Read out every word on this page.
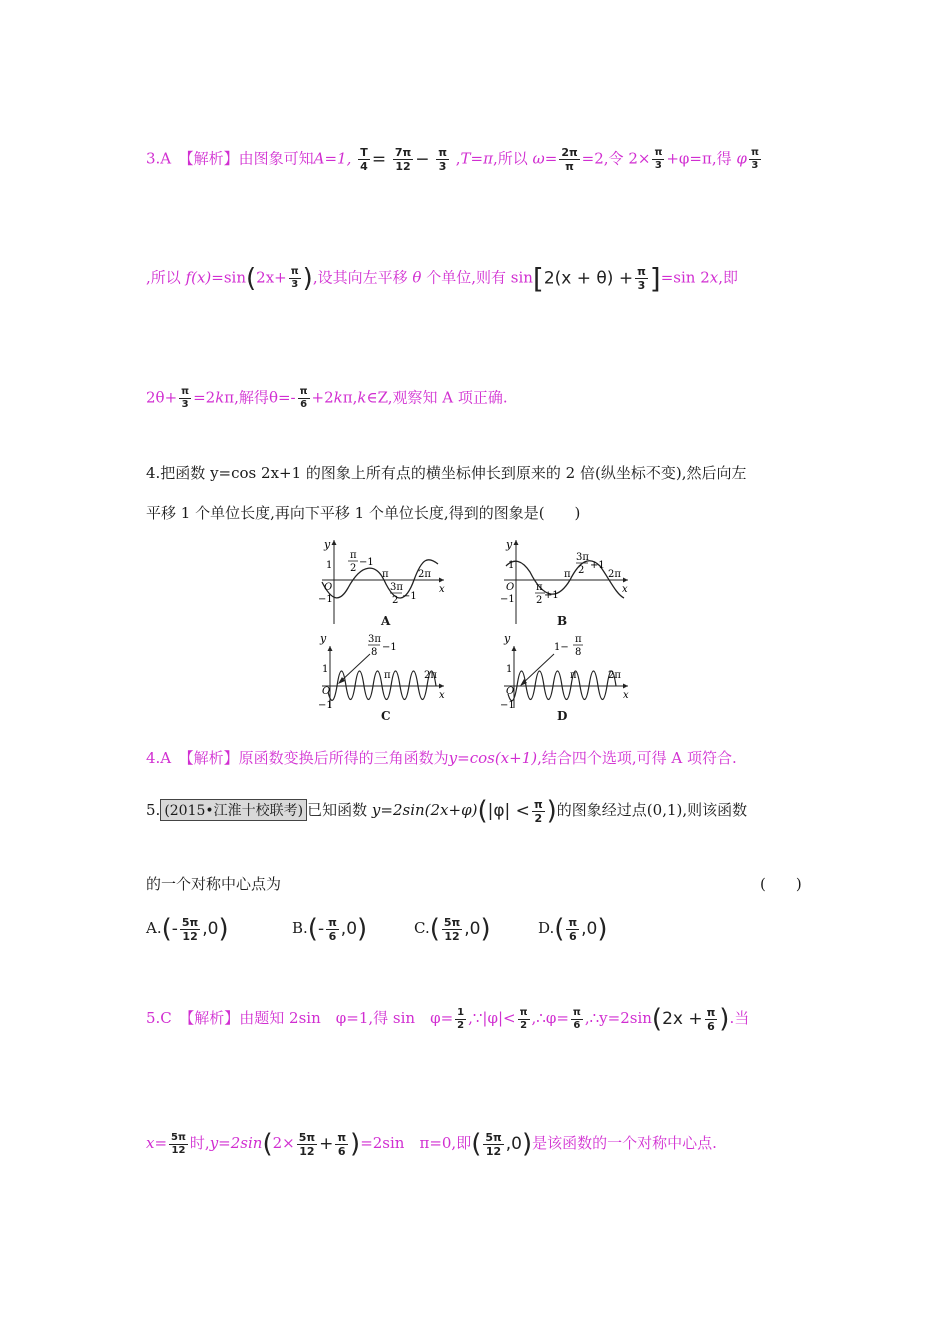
3.A　【解析】由图象可知A=1, $\frac{T}{4} = \frac{7\pi}{12} - \frac{\pi}{3} ,T=\pi$,所以 $\omega= \frac{2\pi}{\pi} =2$,令 $2\times \frac{\pi}{3} +\varphi=\pi$,得 φ $\frac{\pi}{3}$
,所以 $f(x)=\sin(2x+ \frac{\pi}{3}$ ),设其向左平移 θ 个单位,则有 $\sin[2(x + \theta) + \frac{\pi}{3} ]=\sin$ 2x,即
$2\theta+ \frac{\pi}{3} =2k\pi$,解得$\theta=- \frac{\pi}{6}$ +2kπ,k∈Z,观察知 A 项正确.
4.把函数 y=cos 2x+1 的图象上所有点的横坐标伸长到原来的 2 倍(纵坐标不变),然后向左
平移 1 个单位长度,再向下平移 1 个单位长度,得到的图象是(　　)
y
x
O
1
−1
π
2
−1
π	2π
3π
2 −1
A
y
x
O
1
−1
3π
2 +1
π	2π
π
2 +1
B
y
x
O
1
−1
3π
8 −1
π	2π
C
y
x
O
1
−1
1−
π
8
π	2π
D
4.A　【解析】原函数变换后所得的三角函数为y=cos(x+1),结合四个选项,可得 A 项符合.
5. (2015•江淮十校联考) 已知函数 $y=2\sin(2x+\varphi)(|\varphi| < \frac{\pi}{2}$ )的图象经过点(0,1),则该函数
的一个对称中心点为	(　　)
$A.(- \frac{5\pi}{12} ,0)$	$B.(- \frac{\pi}{6} ,0)$	$C.( \frac{5\pi}{12} ,0)$	$D.( \frac{\pi}{6} ,0)$
5.C　【解析】由题知 2sin　φ=1,得 sin　$\varphi= \frac{1}{2}$ ,∵|φ|< $\frac{\pi}{2}$ ,∴φ= $\frac{\pi}{6}$ ,∴y=2sin(2x + $\frac{\pi}{6}$ ).当
$x= \frac{5\pi}{12}$ 时$,y=2\sin(2\times \frac{5\pi}{12} + \frac{\pi}{6} )=2\sin$　π=0,即( $\frac{5\pi}{12} ,0$)是该函数的一个对称中心点.
